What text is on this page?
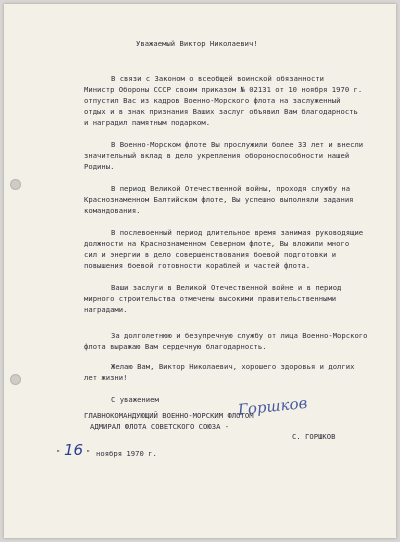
Уважаемый Виктор Николаевич!
В связи с Законом о всеобщей воинской обязанности
Министр Обороны СССР своим приказом № 02131 от 10 ноября 1970 г.
отпустил Вас из кадров Военно-Морского флота на заслуженный
отдых и в знак признания Ваших заслуг объявил Вам благодарность
и наградил памятным подарком.
В Военно-Морском флоте Вы прослужили более 33 лет и внесли
значительный вклад в дело укрепления обороноспособности нашей
Родины.
В период Великой Отечественной войны, проходя службу на
Краснознаменном Балтийском флоте, Вы успешно выполняли задания
командования.
В послевоенный период длительное время занимая руководящие
должности на Краснознаменном Северном флоте, Вы вложили много
сил и энергии в дело совершенствования боевой подготовки и
повышения боевой готовности кораблей и частей флота.
Ваши заслуги в Великой Отечественной войне и в период
мирного строительства отмечены высокими правительственными
наградами.
За долголетнюю и безупречную службу от лица Военно-Морского
флота выражаю Вам сердечную благодарность.
Желаю Вам, Виктор Николаевич, хорошего здоровья и долгих
лет жизни!
С уважением
ГЛАВНОКОМАНДУЮЩИЙ ВОЕННО-МОРСКИМ ФЛОТОМ
АДМИРАЛ ФЛОТА СОВЕТСКОГО СОЮЗА -
С. ГОРШКОВ
Горшков
" 16 " ноября 1970 г.
